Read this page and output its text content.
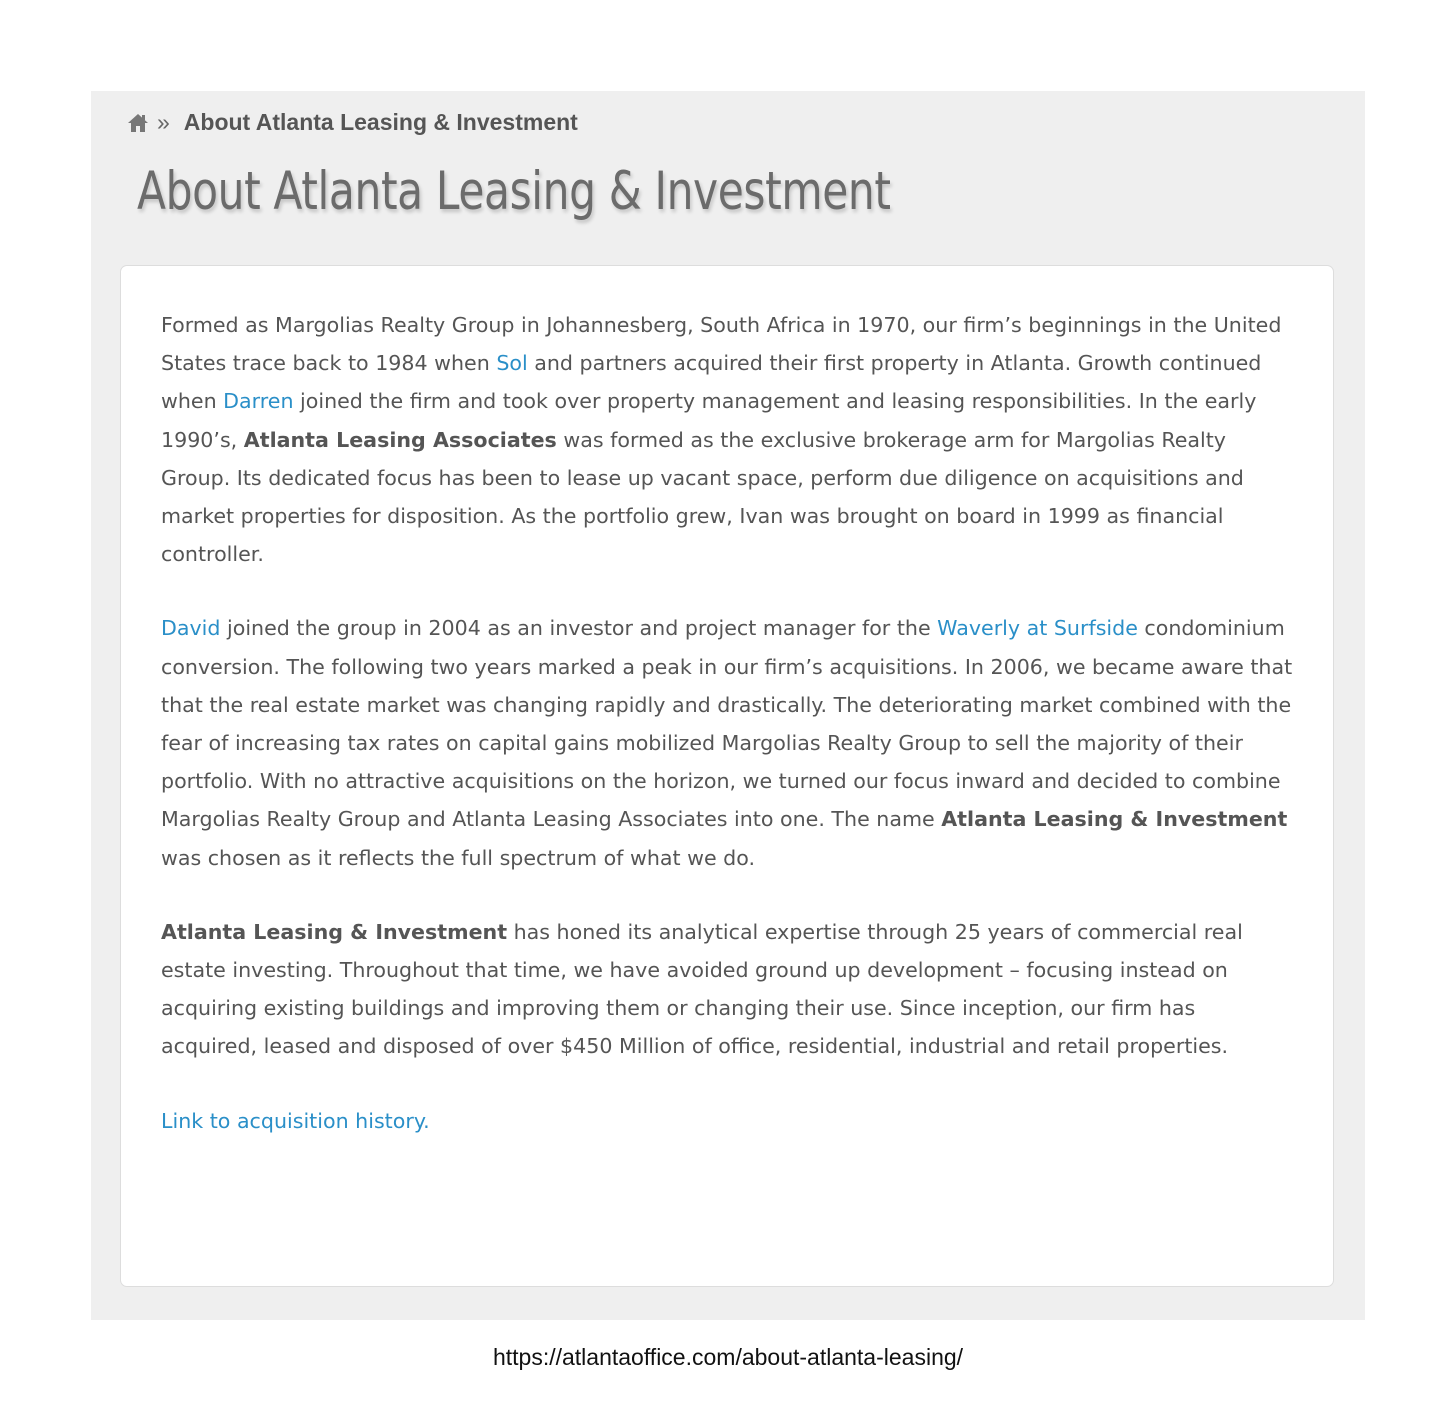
» About Atlanta Leasing & Investment
About Atlanta Leasing & Investment

Formed as Margolias Realty Group in Johannesberg, South Africa in 1970, our firm’s beginnings in the United States trace back to 1984 when Sol and partners acquired their first property in Atlanta. Growth continued when Darren joined the firm and took over property management and leasing responsibilities. In the early 1990’s, Atlanta Leasing Associates was formed as the exclusive brokerage arm for Margolias Realty Group. Its dedicated focus has been to lease up vacant space, perform due diligence on acquisitions and market properties for disposition. As the portfolio grew, Ivan was brought on board in 1999 as financial controller.

David joined the group in 2004 as an investor and project manager for the Waverly at Surfside condominium conversion. The following two years marked a peak in our firm’s acquisitions. In 2006, we became aware that that the real estate market was changing rapidly and drastically. The deteriorating market combined with the fear of increasing tax rates on capital gains mobilized Margolias Realty Group to sell the majority of their portfolio. With no attractive acquisitions on the horizon, we turned our focus inward and decided to combine Margolias Realty Group and Atlanta Leasing Associates into one. The name Atlanta Leasing & Investment was chosen as it reflects the full spectrum of what we do.

Atlanta Leasing & Investment has honed its analytical expertise through 25 years of commercial real estate investing. Throughout that time, we have avoided ground up development – focusing instead on acquiring existing buildings and improving them or changing their use. Since inception, our firm has acquired, leased and disposed of over $450 Million of office, residential, industrial and retail properties.

Link to acquisition history.

https://atlantaoffice.com/about-atlanta-leasing/
